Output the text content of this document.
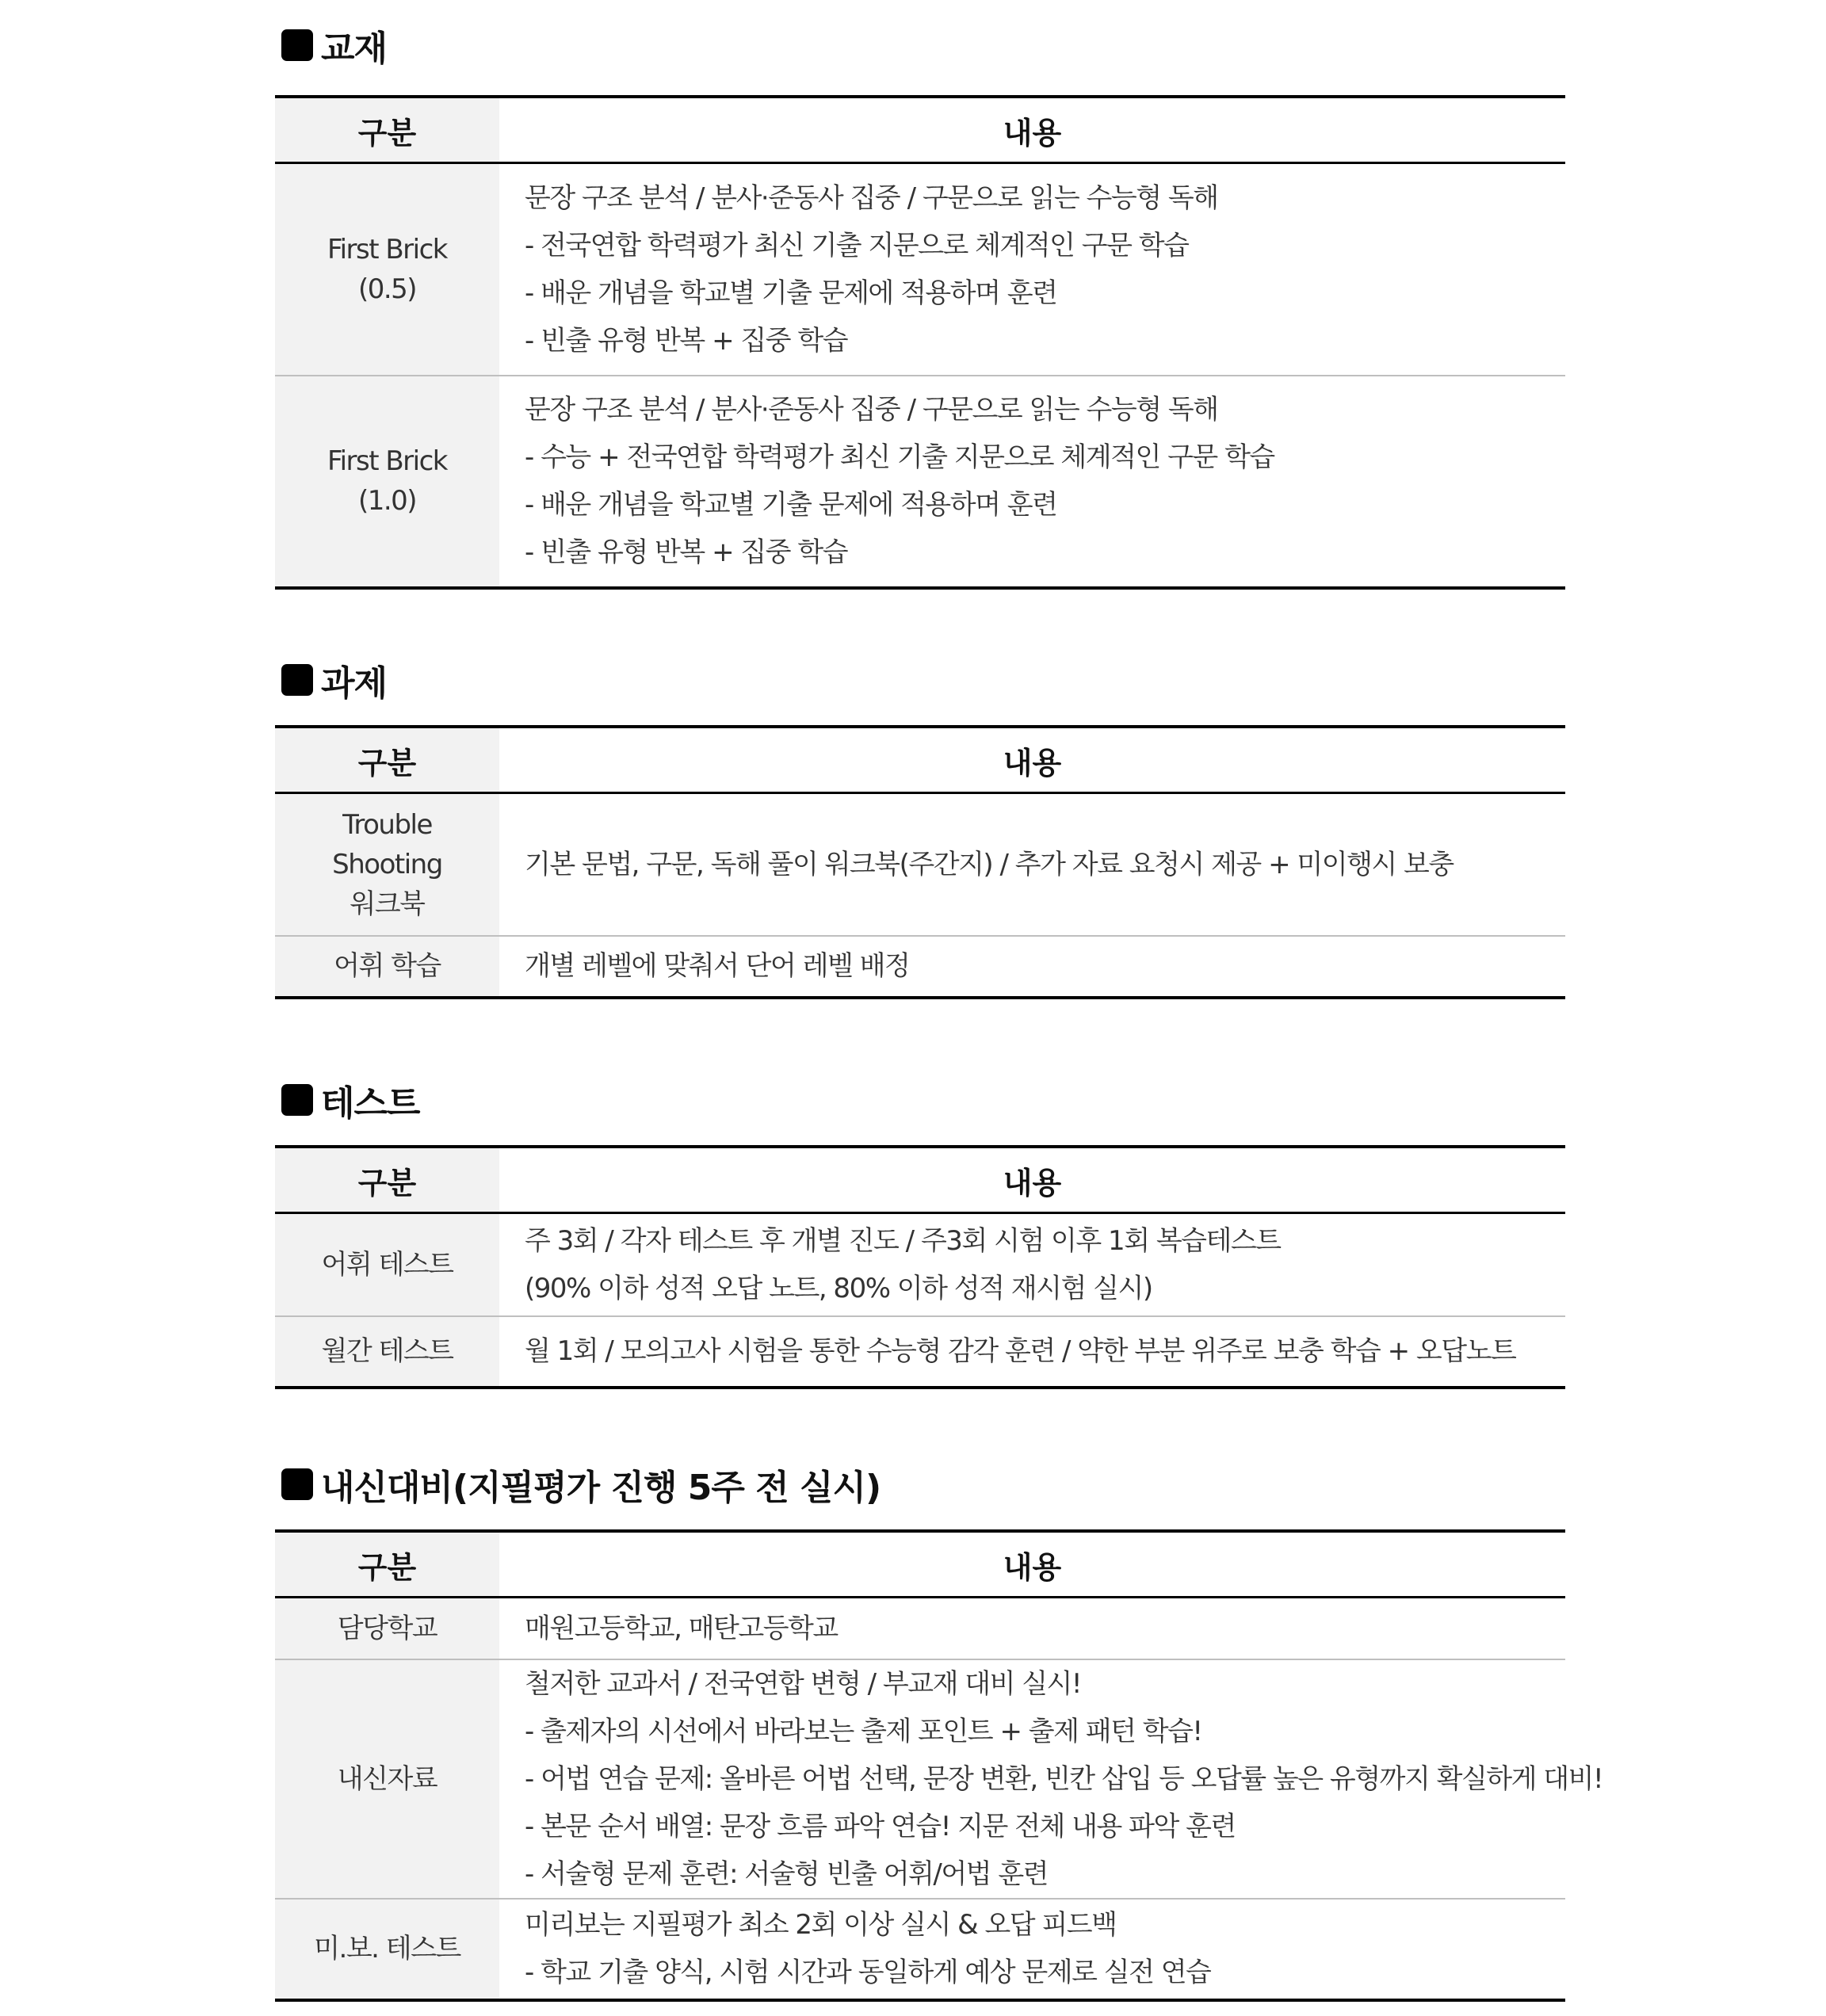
교재
구분	내용

First Brick
(0.5)	문장 구조 분석 / 분사·준동사 집중 / 구문으로 읽는 수능형 독해
- 전국연합 학력평가 최신 기출 지문으로 체계적인 구문 학습
- 배운 개념을 학교별 기출 문제에 적용하며 훈련
- 빈출 유형 반복 + 집중 학습

First Brick
(1.0)	문장 구조 분석 / 분사·준동사 집중 / 구문으로 읽는 수능형 독해
- 수능 + 전국연합 학력평가 최신 기출 지문으로 체계적인 구문 학습
- 배운 개념을 학교별 기출 문제에 적용하며 훈련
- 빈출 유형 반복 + 집중 학습
과제
구분	내용

Trouble
Shooting
워크북	기본 문법, 구문, 독해 풀이 워크북(주간지) / 추가 자료 요청시 제공 + 미이행시 보충

어휘 학습	개별 레벨에 맞춰서 단어 레벨 배정
테스트
구분	내용

어휘 테스트	주 3회 / 각자 테스트 후 개별 진도 / 주3회 시험 이후 1회 복습테스트
(90% 이하 성적 오답 노트, 80% 이하 성적 재시험 실시)

월간 테스트	월 1회 / 모의고사 시험을 통한 수능형 감각 훈련 / 약한 부분 위주로 보충 학습 + 오답노트
내신대비(지필평가 진행 5주 전 실시)
구분	내용

담당학교	매원고등학교, 매탄고등학교

내신자료	철저한 교과서 / 전국연합 변형 / 부교재 대비 실시!
- 출제자의 시선에서 바라보는 출제 포인트 + 출제 패턴 학습!
- 어법 연습 문제: 올바른 어법 선택, 문장 변환, 빈칸 삽입 등 오답률 높은 유형까지 확실하게 대비!
- 본문 순서 배열: 문장 흐름 파악 연습! 지문 전체 내용 파악 훈련
- 서술형 문제 훈련: 서술형 빈출 어휘/어법 훈련

미.보. 테스트	미리보는 지필평가 최소 2회 이상 실시 & 오답 피드백
- 학교 기출 양식, 시험 시간과 동일하게 예상 문제로 실전 연습
